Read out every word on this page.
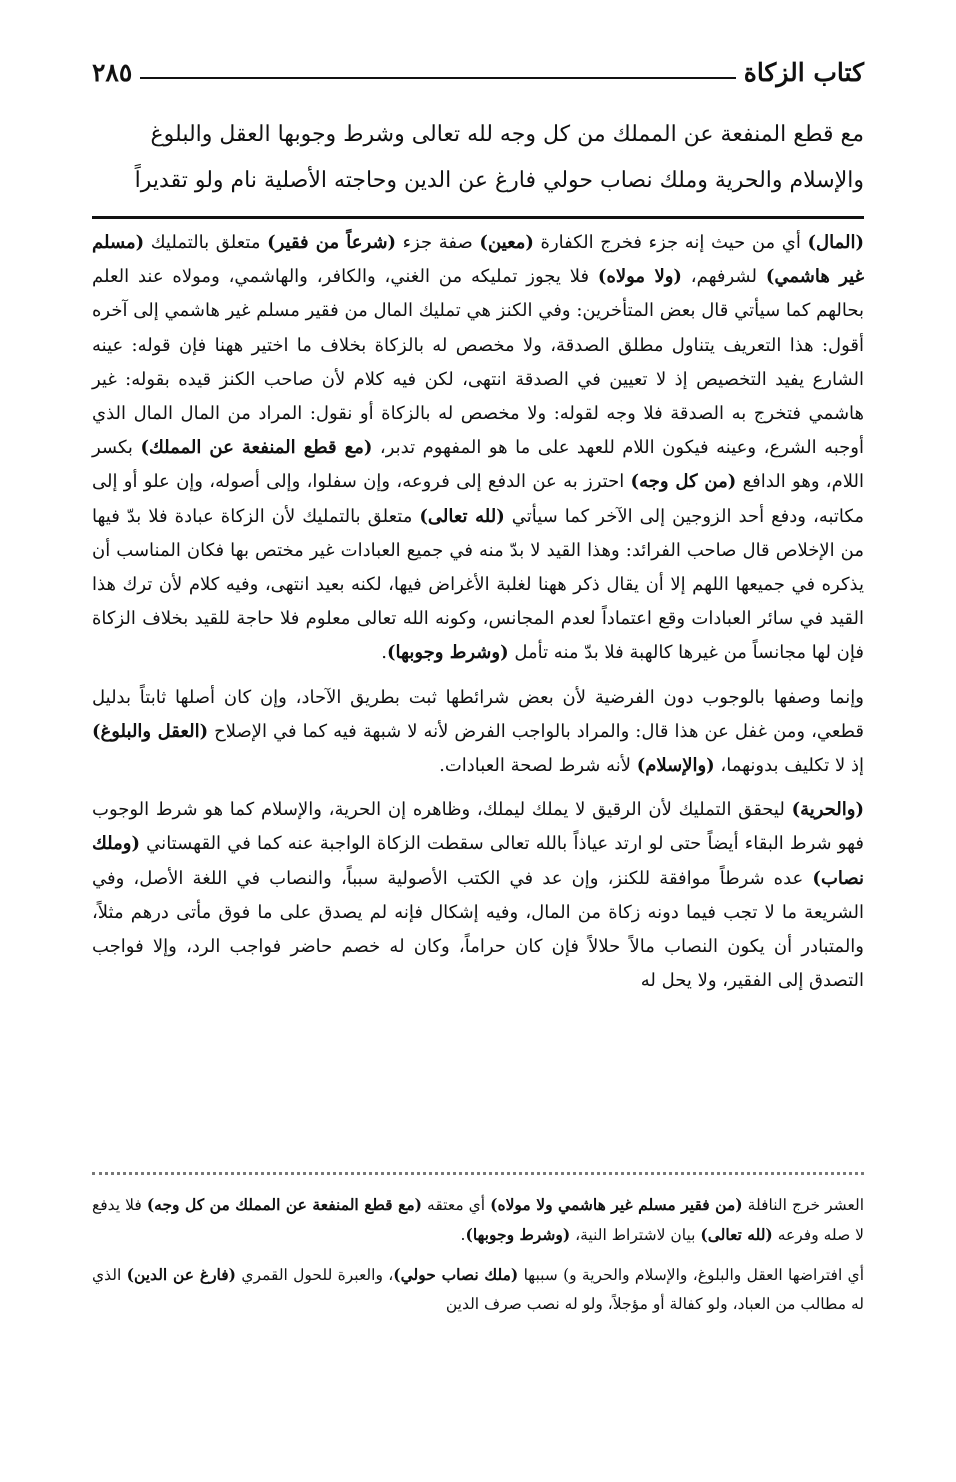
كتاب الزكاة
٢٨٥

مع قطع المنفعة عن المملك من كل وجه لله تعالى وشرط وجوبها العقل والبلوغ

والإسلام والحرية وملك نصاب حولي فارغ عن الدين وحاجته الأصلية نام ولو تقديراً

(المال) أي من حيث إنه جزء فخرج الكفارة (معين) صفة جزء (شرعاً من فقير) متعلق بالتمليك (مسلم غير هاشمي) لشرفهم، (ولا مولاه) فلا يجوز تمليكه من الغني، والكافر، والهاشمي، ومولاه عند العلم بحالهم كما سيأتي قال بعض المتأخرين: وفي الكنز هي تمليك المال من فقير مسلم غير هاشمي إلى آخره أقول: هذا التعريف يتناول مطلق الصدقة، ولا مخصص له بالزكاة بخلاف ما اختير ههنا فإن قوله: عينه الشارع يفيد التخصيص إذ لا تعيين في الصدقة انتهى، لكن فيه كلام لأن صاحب الكنز قيده بقوله: غير هاشمي فتخرج به الصدقة فلا وجه لقوله: ولا مخصص له بالزكاة أو نقول: المراد من المال المال الذي أوجبه الشرع، وعينه فيكون اللام للعهد على ما هو المفهوم تدبر، (مع قطع المنفعة عن المملك) بكسر اللام، وهو الدافع (من كل وجه) احترز به عن الدفع إلى فروعه، وإن سفلوا، وإلى أصوله، وإن علو أو إلى مكاتبه، ودفع أحد الزوجين إلى الآخر كما سيأتي (لله تعالى) متعلق بالتمليك لأن الزكاة عبادة فلا بدّ فيها من الإخلاص قال صاحب الفرائد: وهذا القيد لا بدّ منه في جميع العبادات غير مختص بها فكان المناسب أن يذكره في جميعها اللهم إلا أن يقال ذكر ههنا لغلبة الأغراض فيها، لكنه بعيد انتهى، وفيه كلام لأن ترك هذا القيد في سائر العبادات وقع اعتماداً لعدم المجانس، وكونه الله تعالى معلوم فلا حاجة للقيد بخلاف الزكاة فإن لها مجانساً من غيرها كالهبة فلا بدّ منه تأمل (وشرط وجوبها).

وإنما وصفها بالوجوب دون الفرضية لأن بعض شرائطها ثبت بطريق الآحاد، وإن كان أصلها ثابتاً بدليل قطعي، ومن غفل عن هذا قال: والمراد بالواجب الفرض لأنه لا شبهة فيه كما في الإصلاح (العقل والبلوغ) إذ لا تكليف بدونهما، (والإسلام) لأنه شرط لصحة العبادات.

(والحرية) ليحقق التمليك لأن الرقيق لا يملك ليملك، وظاهره إن الحرية، والإسلام كما هو شرط الوجوب فهو شرط البقاء أيضاً حتى لو ارتد عياذاً بالله تعالى سقطت الزكاة الواجبة عنه كما في القهستاني (وملك نصاب) عده شرطاً موافقة للكنز، وإن عد في الكتب الأصولية سبباً، والنصاب في اللغة الأصل، وفي الشريعة ما لا تجب فيما دونه زكاة من المال، وفيه إشكال فإنه لم يصدق على ما فوق مأتى درهم مثلاً، والمتبادر أن يكون النصاب مالاً حلالاً فإن كان حراماً، وكان له خصم حاضر فواجب الرد، وإلا فواجب التصدق إلى الفقير، ولا يحل له

العشر خرج النافلة (من فقير مسلم غير هاشمي ولا مولاه) أي معتقه (مع قطع المنفعة عن المملك من كل وجه) فلا يدفع لا صله وفرعه (لله تعالى) بيان لاشتراط النية، (وشرط وجوبها).

أي افتراضها العقل والبلوغ، والإسلام والحرية و) سببها (ملك نصاب حولي)، والعبرة للحول القمري (فارغ عن الدين) الذي له مطالب من العباد، ولو كفالة أو مؤجلاً، ولو له نصب صرف الدين
